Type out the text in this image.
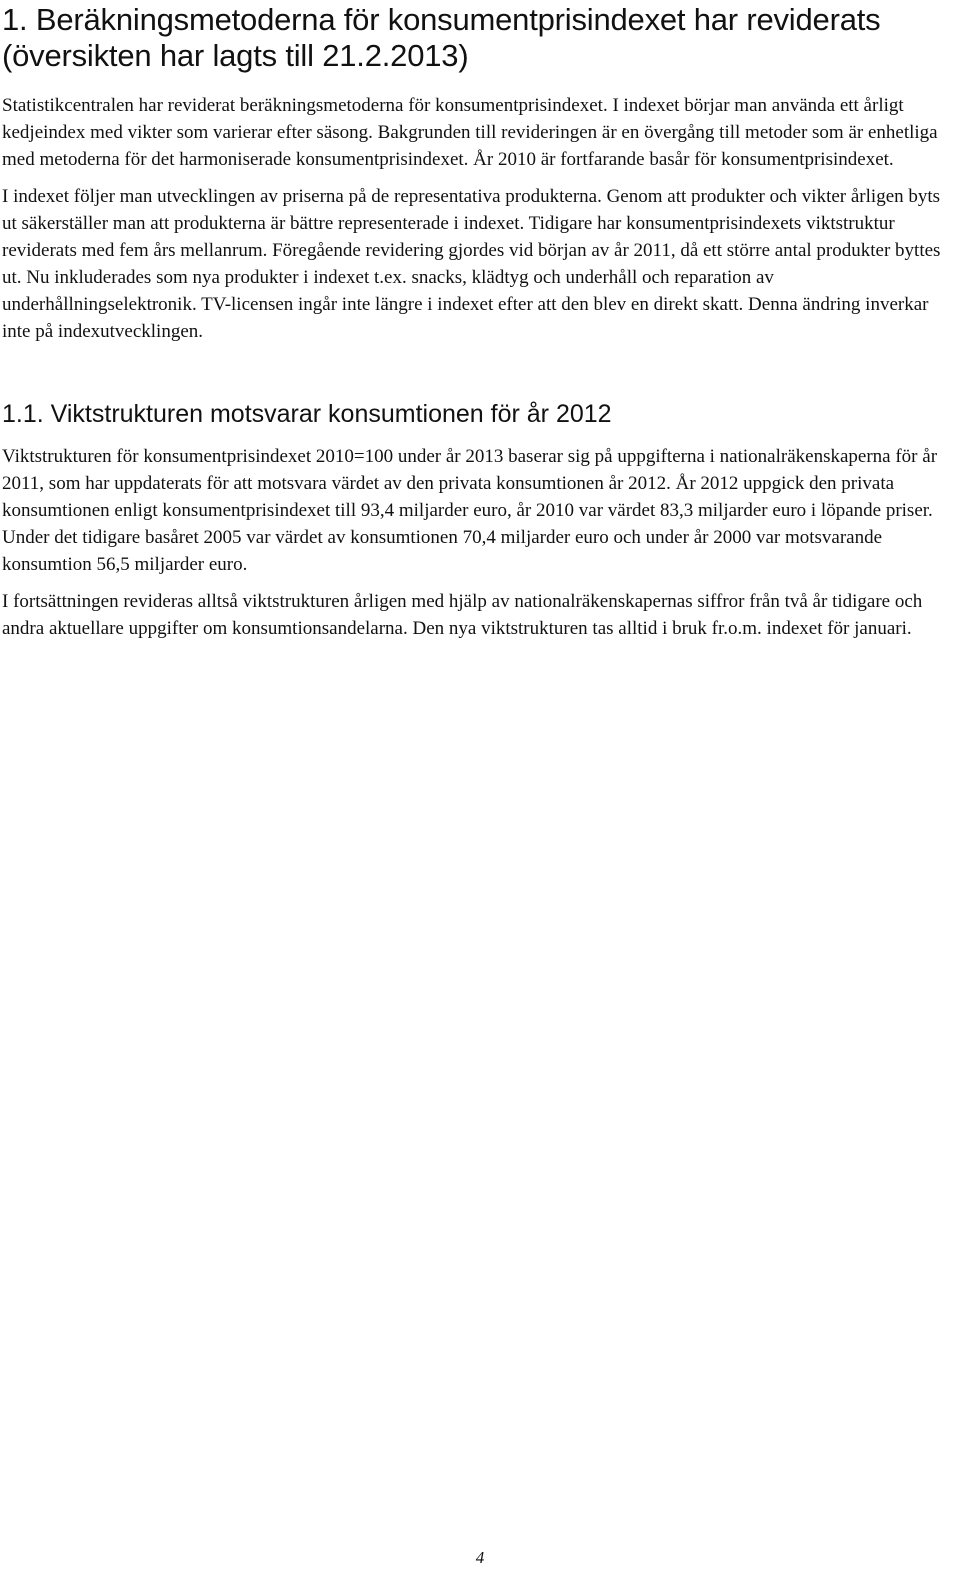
1. Beräkningsmetoderna för konsumentprisindexet har reviderats (översikten har lagts till 21.2.2013)

Statistikcentralen har reviderat beräkningsmetoderna för konsumentprisindexet. I indexet börjar man använda ett årligt kedjeindex med vikter som varierar efter säsong. Bakgrunden till revideringen är en övergång till metoder som är enhetliga med metoderna för det harmoniserade konsumentprisindexet. År 2010 är fortfarande basår för konsumentprisindexet.

I indexet följer man utvecklingen av priserna på de representativa produkterna. Genom att produkter och vikter årligen byts ut säkerställer man att produkterna är bättre representerade i indexet. Tidigare har konsumentprisindexets viktstruktur reviderats med fem års mellanrum. Föregående revidering gjordes vid början av år 2011, då ett större antal produkter byttes ut. Nu inkluderades som nya produkter i indexet t.ex. snacks, klädtyg och underhåll och reparation av underhållningselektronik. TV-licensen ingår inte längre i indexet efter att den blev en direkt skatt. Denna ändring inverkar inte på indexutvecklingen.

1.1. Viktstrukturen motsvarar konsumtionen för år 2012

Viktstrukturen för konsumentprisindexet 2010=100 under år 2013 baserar sig på uppgifterna i nationalräkenskaperna för år 2011, som har uppdaterats för att motsvara värdet av den privata konsumtionen år 2012. År 2012 uppgick den privata konsumtionen enligt konsumentprisindexet till 93,4 miljarder euro, år 2010 var värdet 83,3 miljarder euro i löpande priser. Under det tidigare basåret 2005 var värdet av konsumtionen 70,4 miljarder euro och under år 2000 var motsvarande konsumtion 56,5 miljarder euro.

I fortsättningen revideras alltså viktstrukturen årligen med hjälp av nationalräkenskapernas siffror från två år tidigare och andra aktuellare uppgifter om konsumtionsandelarna. Den nya viktstrukturen tas alltid i bruk fr.o.m. indexet för januari.

4
